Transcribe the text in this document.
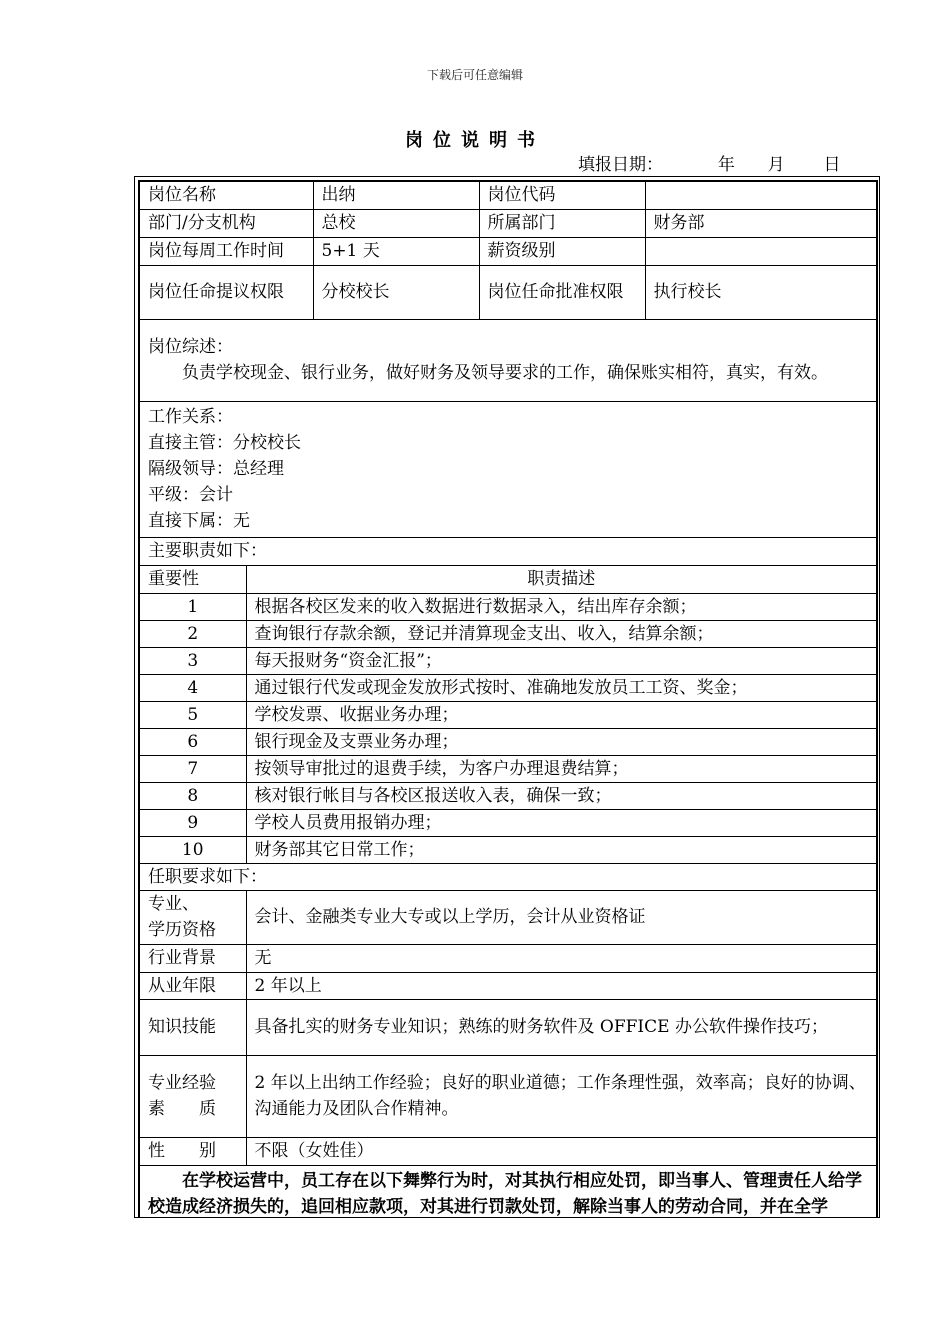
下载后可任意编辑
岗位说明书
填报日期：	年 月 日
岗位名称		出纳	岗位代码	
部门/分支机构		总校	所属部门	财务部
岗位每周工作时间		5+1 天	薪资级别	
岗位任命提议权限		分校校长	岗位任命批准权限	执行校长

岗位综述：
负责学校现金、银行业务，做好财务及领导要求的工作，确保账实相符，真实，有效。				

工作关系：
直接主管：分校校长
隔级领导：总经理
平级：会计
直接下属：无				

主要职责如下：				
重要性	职责描述			
1	根据各校区发来的收入数据进行数据录入，结出库存余额；			
2	查询银行存款余额，登记并清算现金支出、收入，结算余额；			
3	每天报财务“资金汇报”；			
4	通过银行代发或现金发放形式按时、准确地发放员工工资、奖金；			
5	学校发票、收据业务办理；			
6	银行现金及支票业务办理；			
7	按领导审批过的退费手续，为客户办理退费结算；			
8	核对银行帐目与各校区报送收入表，确保一致；			
9	学校人员费用报销办理；			
10	财务部其它日常工作；			
任职要求如下：				

专业、
学历资格	会计、金融类专业大专或以上学历，会计从业资格证			
行业背景	无			
从业年限	2 年以上			
知识技能	具备扎实的财务专业知识；熟练的财务软件及 OFFICE 办公软件操作技巧；			

专业经验
素　　质	2 年以上出纳工作经验；良好的职业道德；工作条理性强，效率高；良好的协调、沟通能力及团队合作精神。			
性　　别	不限（女姓佳）			
在学校运营中，员工存在以下舞弊行为时，对其执行相应处罚，即当事人、管理责任人给学校造成经济损失的，追回相应款项，对其进行罚款处罚，解除当事人的劳动合同，并在全学				
